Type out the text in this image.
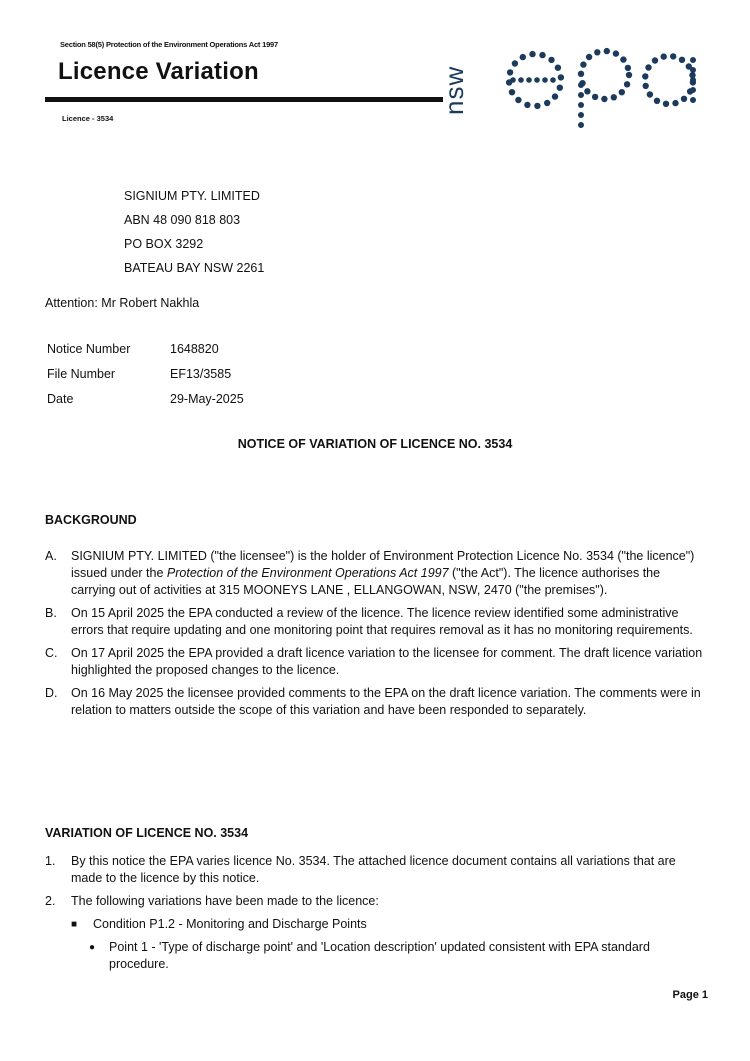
Section 58(5) Protection of the Environment Operations Act 1997
Licence Variation
Licence - 3534
nsw
SIGNIUM PTY. LIMITED
ABN 48 090 818 803
PO BOX 3292
BATEAU BAY NSW 2261
Attention: Mr Robert Nakhla
Notice Number	1648820
File Number	EF13/3585
Date	29-May-2025
NOTICE OF VARIATION OF LICENCE NO. 3534
BACKGROUND
A.	SIGNIUM PTY. LIMITED ("the licensee") is the holder of Environment Protection Licence No. 3534 ("the licence") issued under the Protection of the Environment Operations Act 1997 ("the Act"). The licence authorises the carrying out of activities at 315 MOONEYS LANE , ELLANGOWAN, NSW, 2470 ("the premises").
B.	On 15 April 2025 the EPA conducted a review of the licence. The licence review identified some administrative errors that require updating and one monitoring point that requires removal as it has no monitoring requirements.
C.	On 17 April 2025 the EPA provided a draft licence variation to the licensee for comment. The draft licence variation highlighted the proposed changes to the licence.
D.	On 16 May 2025 the licensee provided comments to the EPA on the draft licence variation. The comments were in relation to matters outside the scope of this variation and have been responded to separately.
VARIATION OF LICENCE NO. 3534
1.	By this notice the EPA varies licence No. 3534. The attached licence document contains all variations that are made to the licence by this notice.
2.	The following variations have been made to the licence:
■	Condition P1.2 - Monitoring and Discharge Points
●	Point 1 - 'Type of discharge point' and 'Location description' updated consistent with EPA standard procedure.
Page 1
